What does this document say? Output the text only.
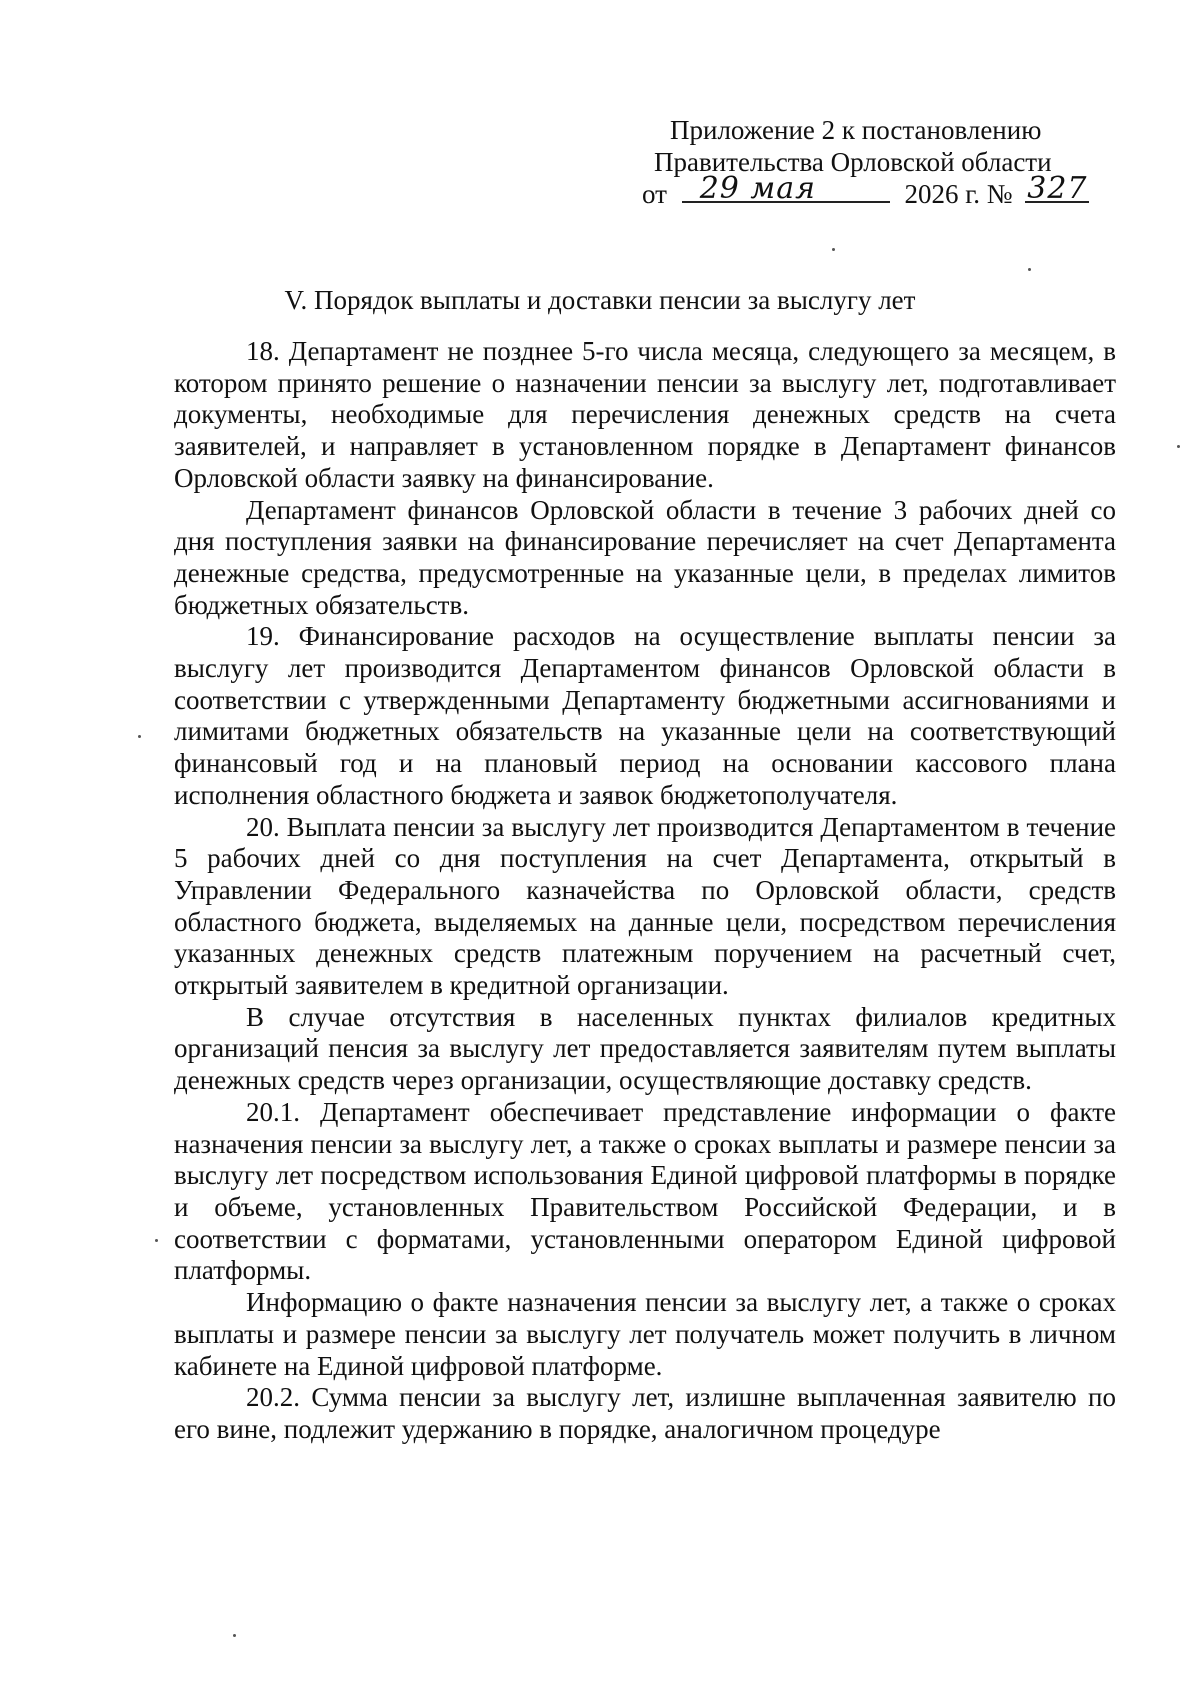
Приложение 2 к постановлению
Правительства Орловской области
от 29 мая	2026 г. № 327
V. Порядок выплаты и доставки пенсии за выслугу лет

18. Департамент не позднее 5-го числа месяца, следующего за месяцем, в котором принято решение о назначении пенсии за выслугу лет, подготавливает документы, необходимые для перечисления денежных средств на счета заявителей, и направляет в установленном порядке в Департамент финансов Орловской области заявку на финансирование.

Департамент финансов Орловской области в течение 3 рабочих дней со дня поступления заявки на финансирование перечисляет на счет Департамента денежные средства, предусмотренные на указанные цели, в пределах лимитов бюджетных обязательств.

19. Финансирование расходов на осуществление выплаты пенсии за выслугу лет производится Департаментом финансов Орловской области в соответствии с утвержденными Департаменту бюджетными ассигнованиями и лимитами бюджетных обязательств на указанные цели на соответствующий финансовый год и на плановый период на основании кассового плана исполнения областного бюджета и заявок бюджетополучателя.

20. Выплата пенсии за выслугу лет производится Департаментом в течение 5 рабочих дней со дня поступления на счет Департамента, открытый в Управлении Федерального казначейства по Орловской области, средств областного бюджета, выделяемых на данные цели, посредством перечисления указанных денежных средств платежным поручением на расчетный счет, открытый заявителем в кредитной организации.

В случае отсутствия в населенных пунктах филиалов кредитных организаций пенсия за выслугу лет предоставляется заявителям путем выплаты денежных средств через организации, осуществляющие доставку средств.

20.1. Департамент обеспечивает представление информации о факте назначения пенсии за выслугу лет, а также о сроках выплаты и размере пенсии за выслугу лет посредством использования Единой цифровой платформы в порядке и объеме, установленных Правительством Российской Федерации, и в соответствии с форматами, установленными оператором Единой цифровой платформы.

Информацию о факте назначения пенсии за выслугу лет, а также о сроках выплаты и размере пенсии за выслугу лет получатель может получить в личном кабинете на Единой цифровой платформе.

20.2. Сумма пенсии за выслугу лет, излишне выплаченная заявителю по его вине, подлежит удержанию в порядке, аналогичном процедуре
